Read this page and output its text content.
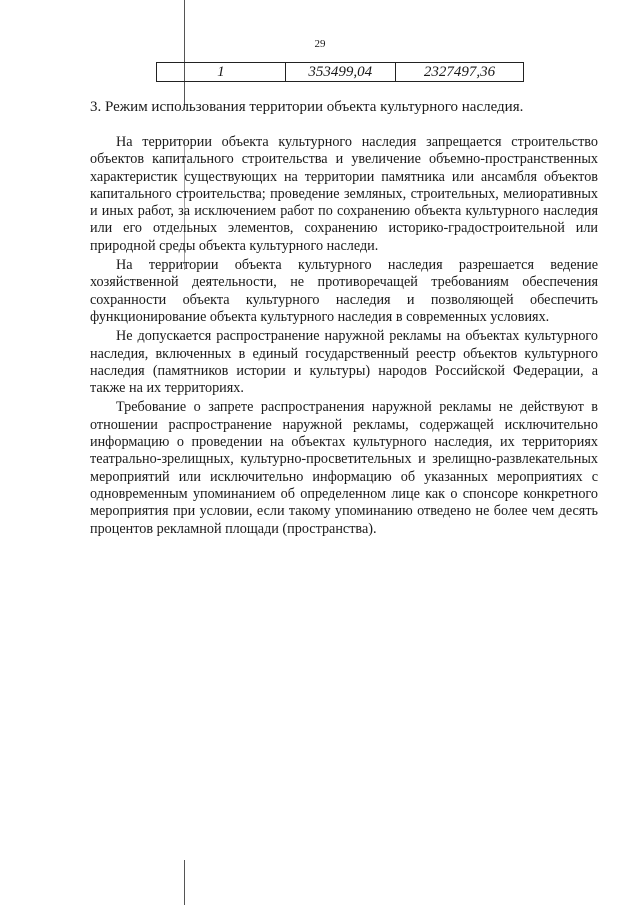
29
1	353499,04	2327497,36
3. Режим использования территории объекта культурного наследия.

На территории объекта культурного наследия запрещается строительство объектов капитального строительства и увеличение объемно-пространственных характеристик существующих на территории памятника или ансамбля объектов капитального строительства; проведение земляных, строительных, мелиоративных и иных работ, за исключением работ по сохранению объекта культурного наследия или его отдельных элементов, сохранению историко-градостроительной или природной среды объекта культурного наследи.

На территории объекта культурного наследия разрешается ведение хозяйственной деятельности, не противоречащей требованиям обеспечения сохранности объекта культурного наследия и позволяющей обеспечить функционирование объекта культурного наследия в современных условиях.

Не допускается распространение наружной рекламы на объектах культурного наследия, включенных в единый государственный реестр объектов культурного наследия (памятников истории и культуры) народов Российской Федерации, а также на их территориях.

Требование о запрете распространения наружной рекламы не действуют в отношении распространение наружной рекламы, содержащей исключительно информацию о проведении на объектах культурного наследия, их территориях театрально-зрелищных, культурно-просветительных и зрелищно-развлекательных мероприятий или исключительно информацию об указанных мероприятиях с одновременным упоминанием об определенном лице как о спонсоре конкретного мероприятия при условии, если такому упоминанию отведено не более чем десять процентов рекламной площади (пространства).
